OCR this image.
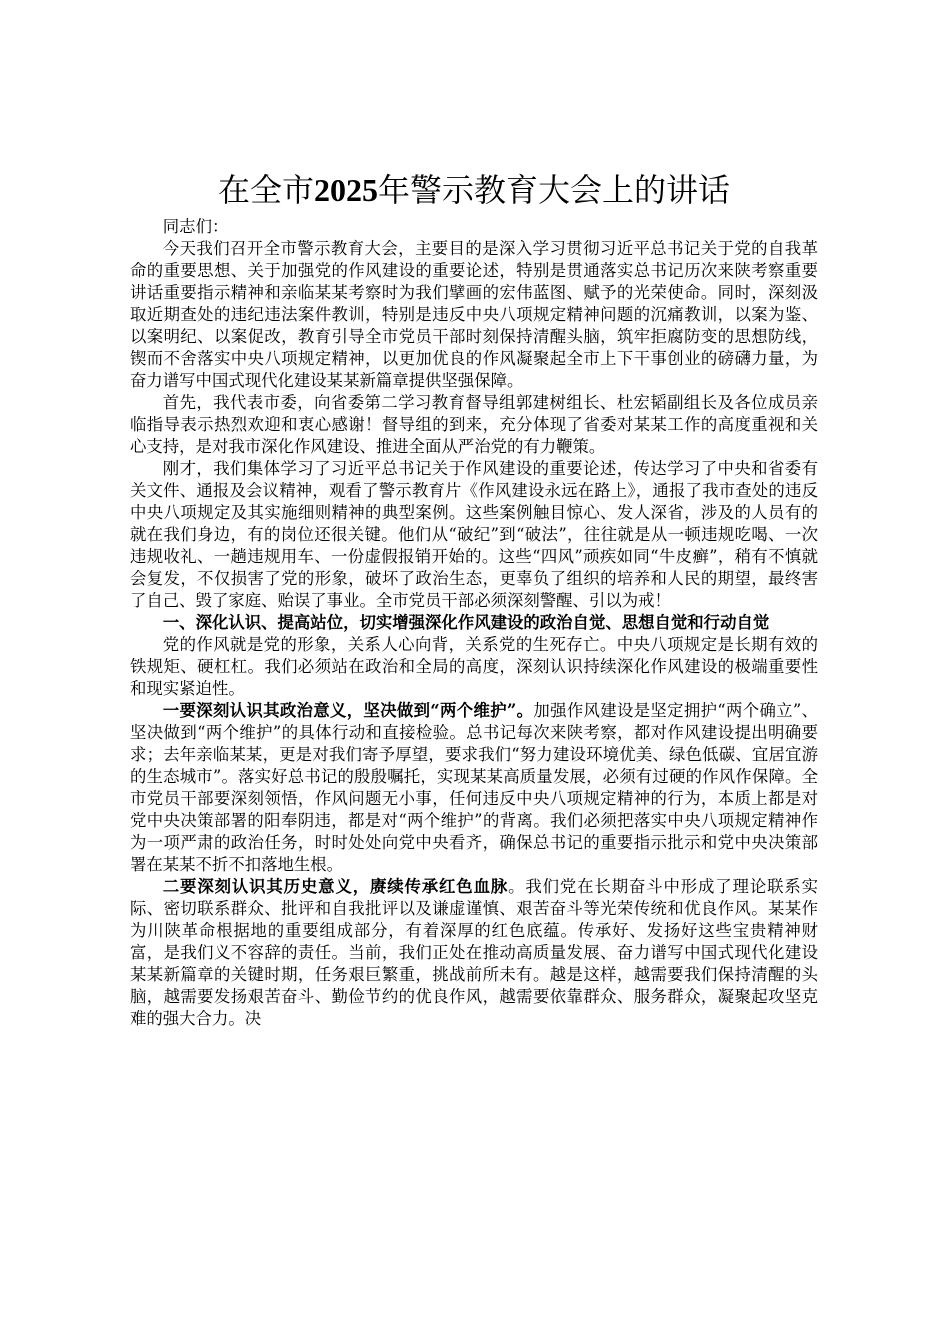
在全市2025年警示教育大会上的讲话

同志们：

今天我们召开全市警示教育大会，主要目的是深入学习贯彻习近平总书记关于党的自我革命的重要思想、关于加强党的作风建设的重要论述，特别是贯通落实总书记历次来陕考察重要讲话重要指示精神和亲临某某考察时为我们擘画的宏伟蓝图、赋予的光荣使命。同时，深刻汲取近期查处的违纪违法案件教训，特别是违反中央八项规定精神问题的沉痛教训，以案为鉴、以案明纪、以案促改，教育引导全市党员干部时刻保持清醒头脑，筑牢拒腐防变的思想防线，锲而不舍落实中央八项规定精神，以更加优良的作风凝聚起全市上下干事创业的磅礴力量，为奋力谱写中国式现代化建设某某新篇章提供坚强保障。

首先，我代表市委，向省委第二学习教育督导组郭建树组长、杜宏韬副组长及各位成员亲临指导表示热烈欢迎和衷心感谢！督导组的到来，充分体现了省委对某某工作的高度重视和关心支持，是对我市深化作风建设、推进全面从严治党的有力鞭策。

刚才，我们集体学习了习近平总书记关于作风建设的重要论述，传达学习了中央和省委有关文件、通报及会议精神，观看了警示教育片《作风建设永远在路上》，通报了我市查处的违反中央八项规定及其实施细则精神的典型案例。这些案例触目惊心、发人深省，涉及的人员有的就在我们身边，有的岗位还很关键。他们从“破纪”到“破法”，往往就是从一顿违规吃喝、一次违规收礼、一趟违规用车、一份虚假报销开始的。这些“四风”顽疾如同“牛皮癣”，稍有不慎就会复发，不仅损害了党的形象，破坏了政治生态，更辜负了组织的培养和人民的期望，最终害了自己、毁了家庭、贻误了事业。全市党员干部必须深刻警醒、引以为戒！

一、深化认识、提高站位，切实增强深化作风建设的政治自觉、思想自觉和行动自觉

党的作风就是党的形象，关系人心向背，关系党的生死存亡。中央八项规定是长期有效的铁规矩、硬杠杠。我们必须站在政治和全局的高度，深刻认识持续深化作风建设的极端重要性和现实紧迫性。

一要深刻认识其政治意义，坚决做到“两个维护”。加强作风建设是坚定拥护“两个确立”、坚决做到“两个维护”的具体行动和直接检验。总书记每次来陕考察，都对作风建设提出明确要求；去年亲临某某，更是对我们寄予厚望，要求我们“努力建设环境优美、绿色低碳、宜居宜游的生态城市”。落实好总书记的殷殷嘱托，实现某某高质量发展，必须有过硬的作风作保障。全市党员干部要深刻领悟，作风问题无小事，任何违反中央八项规定精神的行为，本质上都是对党中央决策部署的阳奉阴违，都是对“两个维护”的背离。我们必须把落实中央八项规定精神作为一项严肃的政治任务，时时处处向党中央看齐，确保总书记的重要指示批示和党中央决策部署在某某不折不扣落地生根。

二要深刻认识其历史意义，赓续传承红色血脉。我们党在长期奋斗中形成了理论联系实际、密切联系群众、批评和自我批评以及谦虚谨慎、艰苦奋斗等光荣传统和优良作风。某某作为川陕革命根据地的重要组成部分，有着深厚的红色底蕴。传承好、发扬好这些宝贵精神财富，是我们义不容辞的责任。当前，我们正处在推动高质量发展、奋力谱写中国式现代化建设某某新篇章的关键时期，任务艰巨繁重，挑战前所未有。越是这样，越需要我们保持清醒的头脑，越需要发扬艰苦奋斗、勤俭节约的优良作风，越需要依靠群众、服务群众，凝聚起攻坚克难的强大合力。决
